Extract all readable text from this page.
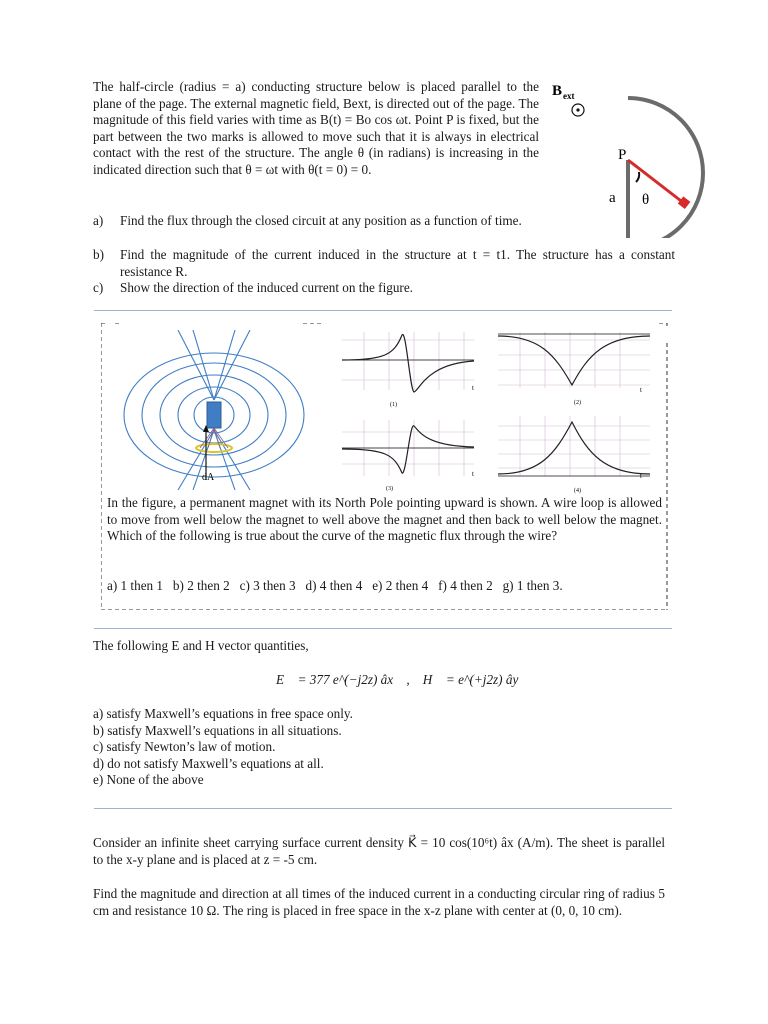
The half-circle (radius = a) conducting structure below is placed parallel to the plane of the page. The external magnetic field, Bext, is directed out of the page. The magnitude of this field varies with time as B(t) = Bo cos ωt. Point P is fixed, but the part between the two marks is allowed to move such that it is always in electrical contact with the rest of the structure. The angle θ (in radians) is increasing in the indicated direction such that θ = ωt with θ(t = 0) = 0.
a)	Find the flux through the closed circuit at any position as a function of time.
b)	Find the magnitude of the current induced in the structure at t = t1. The structure has a constant resistance R.
c)	Show the direction of the induced current on the figure.
B ext
P
a θ
dA
t
(1)
t
(2)
t
(3)
t
(4)
In the figure, a permanent magnet with its North Pole pointing upward is shown. A wire loop is allowed to move from well below the magnet to well above the magnet and then back to well below the magnet. Which of the following is true about the curve of the magnetic flux through the wire?
a) 1 then 1 b) 2 then 2 c) 3 then 3 d) 4 then 4 e) 2 then 4 f) 4 then 2 g) 1 then 3.
The following E and H vector quantities,
E⃗ = 377 e^(−j2z) âx    ,    H⃗ = e^(+j2z) ây
a) satisfy Maxwell’s equations in free space only.
b) satisfy Maxwell’s equations in all situations.
c) satisfy Newton’s law of motion.
d) do not satisfy Maxwell’s equations at all.
e) None of the above
Consider an infinite sheet carrying surface current density K⃗ = 10 cos(10⁶t) âx (A/m). The sheet is parallel to the x-y plane and is placed at z = -5 cm.
Find the magnitude and direction at all times of the induced current in a conducting circular ring of radius 5 cm and resistance 10 Ω. The ring is placed in free space in the x-z plane with center at (0, 0, 10 cm).
